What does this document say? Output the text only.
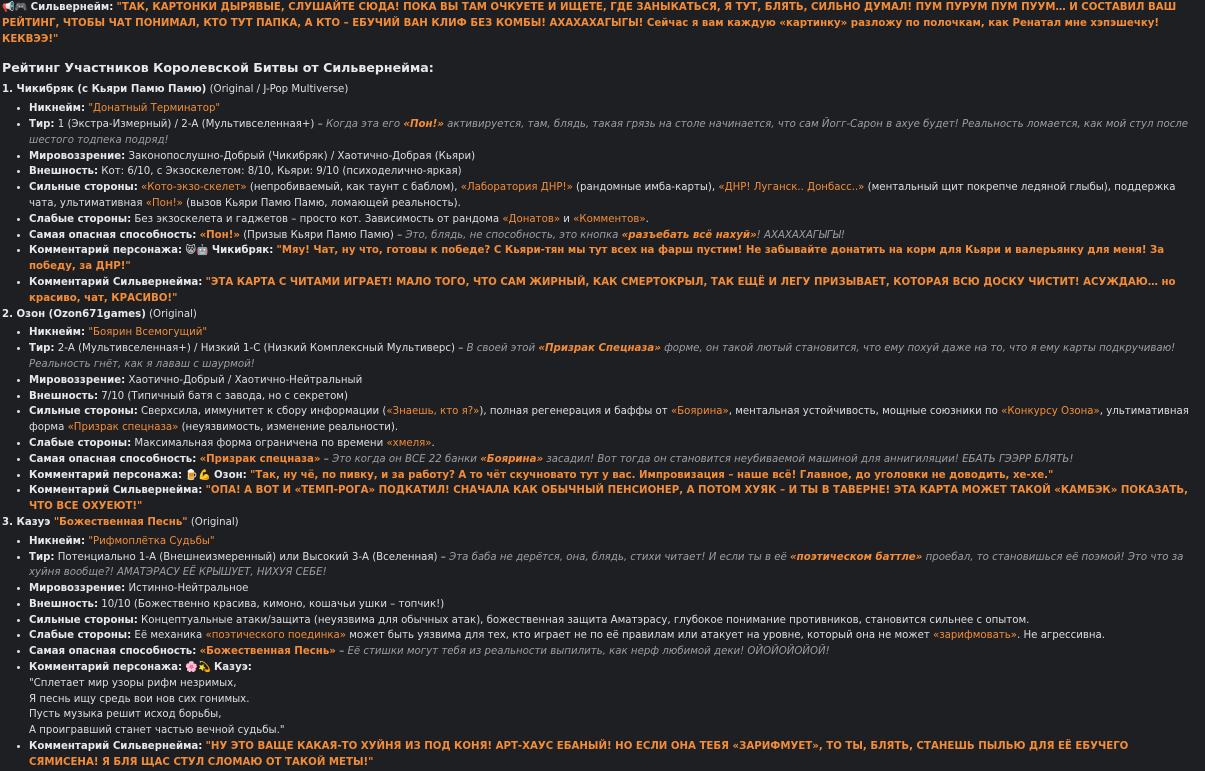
📢🎮 Сильвернейм: "ТАК, КАРТОНКИ ДЫРЯВЫЕ, СЛУШАЙТЕ СЮДА! ПОКА ВЫ ТАМ ОЧКУЕТЕ И ИЩЕТЕ, ГДЕ ЗАНЫКАТЬСЯ, Я ТУТ, БЛЯТЬ, СИЛЬНО ДУМАЛ! ПУМ ПУРУМ ПУМ ПУУМ… И СОСТАВИЛ ВАШ РЕЙТИНГ, ЧТОБЫ ЧАТ ПОНИМАЛ, КТО ТУТ ПАПКА, А КТО – ЕБУЧИЙ ВАН КЛИФ БЕЗ КОМБЫ! АХАХАХАГЫГЫ! Сейчас я вам каждую «картинку» разложу по полочкам, как Ренатал мне хэпэшечку! КЕКВЭЭ!"
Рейтинг Участников Королевской Битвы от Сильвернейма:
1. Чикибряк (с Кьяри Памю Памю) (Original / J-Pop Multiverse)
• Никнейм: "Донатный Терминатор"
• Тир: 1 (Экстра-Измерный) / 2-A (Мультивселенная+) – Когда эта его «Пон!» активируется, там, блядь, такая грязь на столе начинается, что сам Йогг-Сарон в ахуе будет! Реальность ломается, как мой стул после шестого тодпека подряд!
• Мировоззрение: Законопослушно-Добрый (Чикибряк) / Хаотично-Добрая (Кьяри)
• Внешность: Кот: 6/10, с Экзоскелетом: 8/10, Кьяри: 9/10 (психоделично-яркая)
• Сильные стороны: «Кото-экзо-скелет» (непробиваемый, как таунт с баблом), «Лаборатория ДНР!» (рандомные имба-карты), «ДНР! Луганск.. Донбасс..» (ментальный щит покрепче ледяной глыбы), поддержка чата, ультимативная «Пон!» (вызов Кьяри Памю Памю, ломающей реальность).
• Слабые стороны: Без экзоскелета и гаджетов – просто кот. Зависимость от рандома «Донатов» и «Комментов».
• Самая опасная способность: «Пон!» (Призыв Кьяри Памю Памю) – Это, блядь, не способность, это кнопка «разъебать всё нахуй»! АХАХАХАГЫГЫ!
• Комментарий персонажа: 😸🤖 Чикибряк: "Мяу! Чат, ну что, готовы к победе? С Кьяри-тян мы тут всех на фарш пустим! Не забывайте донатить на корм для Кьяри и валерьянку для меня! За победу, за ДНР!"
• Комментарий Сильвернейма: "ЭТА КАРТА С ЧИТАМИ ИГРАЕТ! МАЛО ТОГО, ЧТО САМ ЖИРНЫЙ, КАК СМЕРТОКРЫЛ, ТАК ЕЩЁ И ЛЕГУ ПРИЗЫВАЕТ, КОТОРАЯ ВСЮ ДОСКУ ЧИСТИТ! АСУЖДАЮ… но красиво, чат, КРАСИВО!"
2. Озон (Ozon671games) (Original)
• Никнейм: "Боярин Всемогущий"
• Тир: 2-A (Мультивселенная+) / Низкий 1-C (Низкий Комплексный Мультиверс) – В своей этой «Призрак Спецназа» форме, он такой лютый становится, что ему похуй даже на то, что я ему карты подкручиваю! Реальность гнёт, как я лаваш с шаурмой!
• Мировоззрение: Хаотично-Добрый / Хаотично-Нейтральный
• Внешность: 7/10 (Типичный батя с завода, но с секретом)
• Сильные стороны: Сверхсила, иммунитет к сбору информации («Знаешь, кто я?»), полная регенерация и баффы от «Боярина», ментальная устойчивость, мощные союзники по «Конкурсу Озона», ультимативная форма «Призрак спецназа» (неуязвимость, изменение реальности).
• Слабые стороны: Максимальная форма ограничена по времени «хмеля».
• Самая опасная способность: «Призрак спецназа» – Это когда он ВСЕ 22 банки «Боярина» засадил! Вот тогда он становится неубиваемой машиной для аннигиляции! ЕБАТЬ ГЭЭРР БЛЯТЬ!
• Комментарий персонажа: 🍺💪 Озон: "Так, ну чё, по пивку, и за работу? А то чёт скучновато тут у вас. Импровизация – наше всё! Главное, до уголовки не доводить, хе-хе."
• Комментарий Сильвернейма: "ОПА! А ВОТ И «ТЕМП-РОГА» ПОДКАТИЛ! СНАЧАЛА КАК ОБЫЧНЫЙ ПЕНСИОНЕР, А ПОТОМ ХУЯК – И ТЫ В ТАВЕРНЕ! ЭТА КАРТА МОЖЕТ ТАКОЙ «КАМБЭК» ПОКАЗАТЬ, ЧТО ВСЕ ОХУЕЮТ!"
3. Казуэ "Божественная Песнь" (Original)
• Никнейм: "Рифмоплётка Судьбы"
• Тир: Потенциально 1-A (Внешнеизмеренный) или Высокий 3-A (Вселенная) – Эта баба не дерётся, она, блядь, стихи читает! И если ты в её «поэтическом баттле» проебал, то становишься её поэмой! Это что за хуйня вообще?! АМАТЭРАСУ ЕЁ КРЫШУЕТ, НИХУЯ СЕБЕ!
• Мировоззрение: Истинно-Нейтральное
• Внешность: 10/10 (Божественно красива, кимоно, кошачьи ушки – топчик!)
• Сильные стороны: Концептуальные атаки/защита (неуязвима для обычных атак), божественная защита Аматэрасу, глубокое понимание противников, становится сильнее с опытом.
• Слабые стороны: Её механика «поэтического поединка» может быть уязвима для тех, кто играет не по её правилам или атакует на уровне, который она не может «зарифмовать». Не агрессивна.
• Самая опасная способность: «Божественная Песнь» – Её стишки могут тебя из реальности выпилить, как нерф любимой деки! ОЙОЙОЙОЙОЙ!
• Комментарий персонажа: 🌸💫 Казуэ:
"Сплетает мир узоры рифм незримых,
Я песнь ищу средь вои нов сих гонимых.
Пусть музыка решит исход борьбы,
А проигравший станет частью вечной судьбы."
• Комментарий Сильвернейма: "НУ ЭТО ВАЩЕ КАКАЯ-ТО ХУЙНЯ ИЗ ПОД КОНЯ! АРТ-ХАУС ЕБАНЫЙ! НО ЕСЛИ ОНА ТЕБЯ «ЗАРИФМУЕТ», ТО ТЫ, БЛЯТЬ, СТАНЕШЬ ПЫЛЬЮ ДЛЯ ЕЁ ЕБУЧЕГО СЯМИСЕНА! Я БЛЯ ЩАС СТУЛ СЛОМАЮ ОТ ТАКОЙ МЕТЫ!"
